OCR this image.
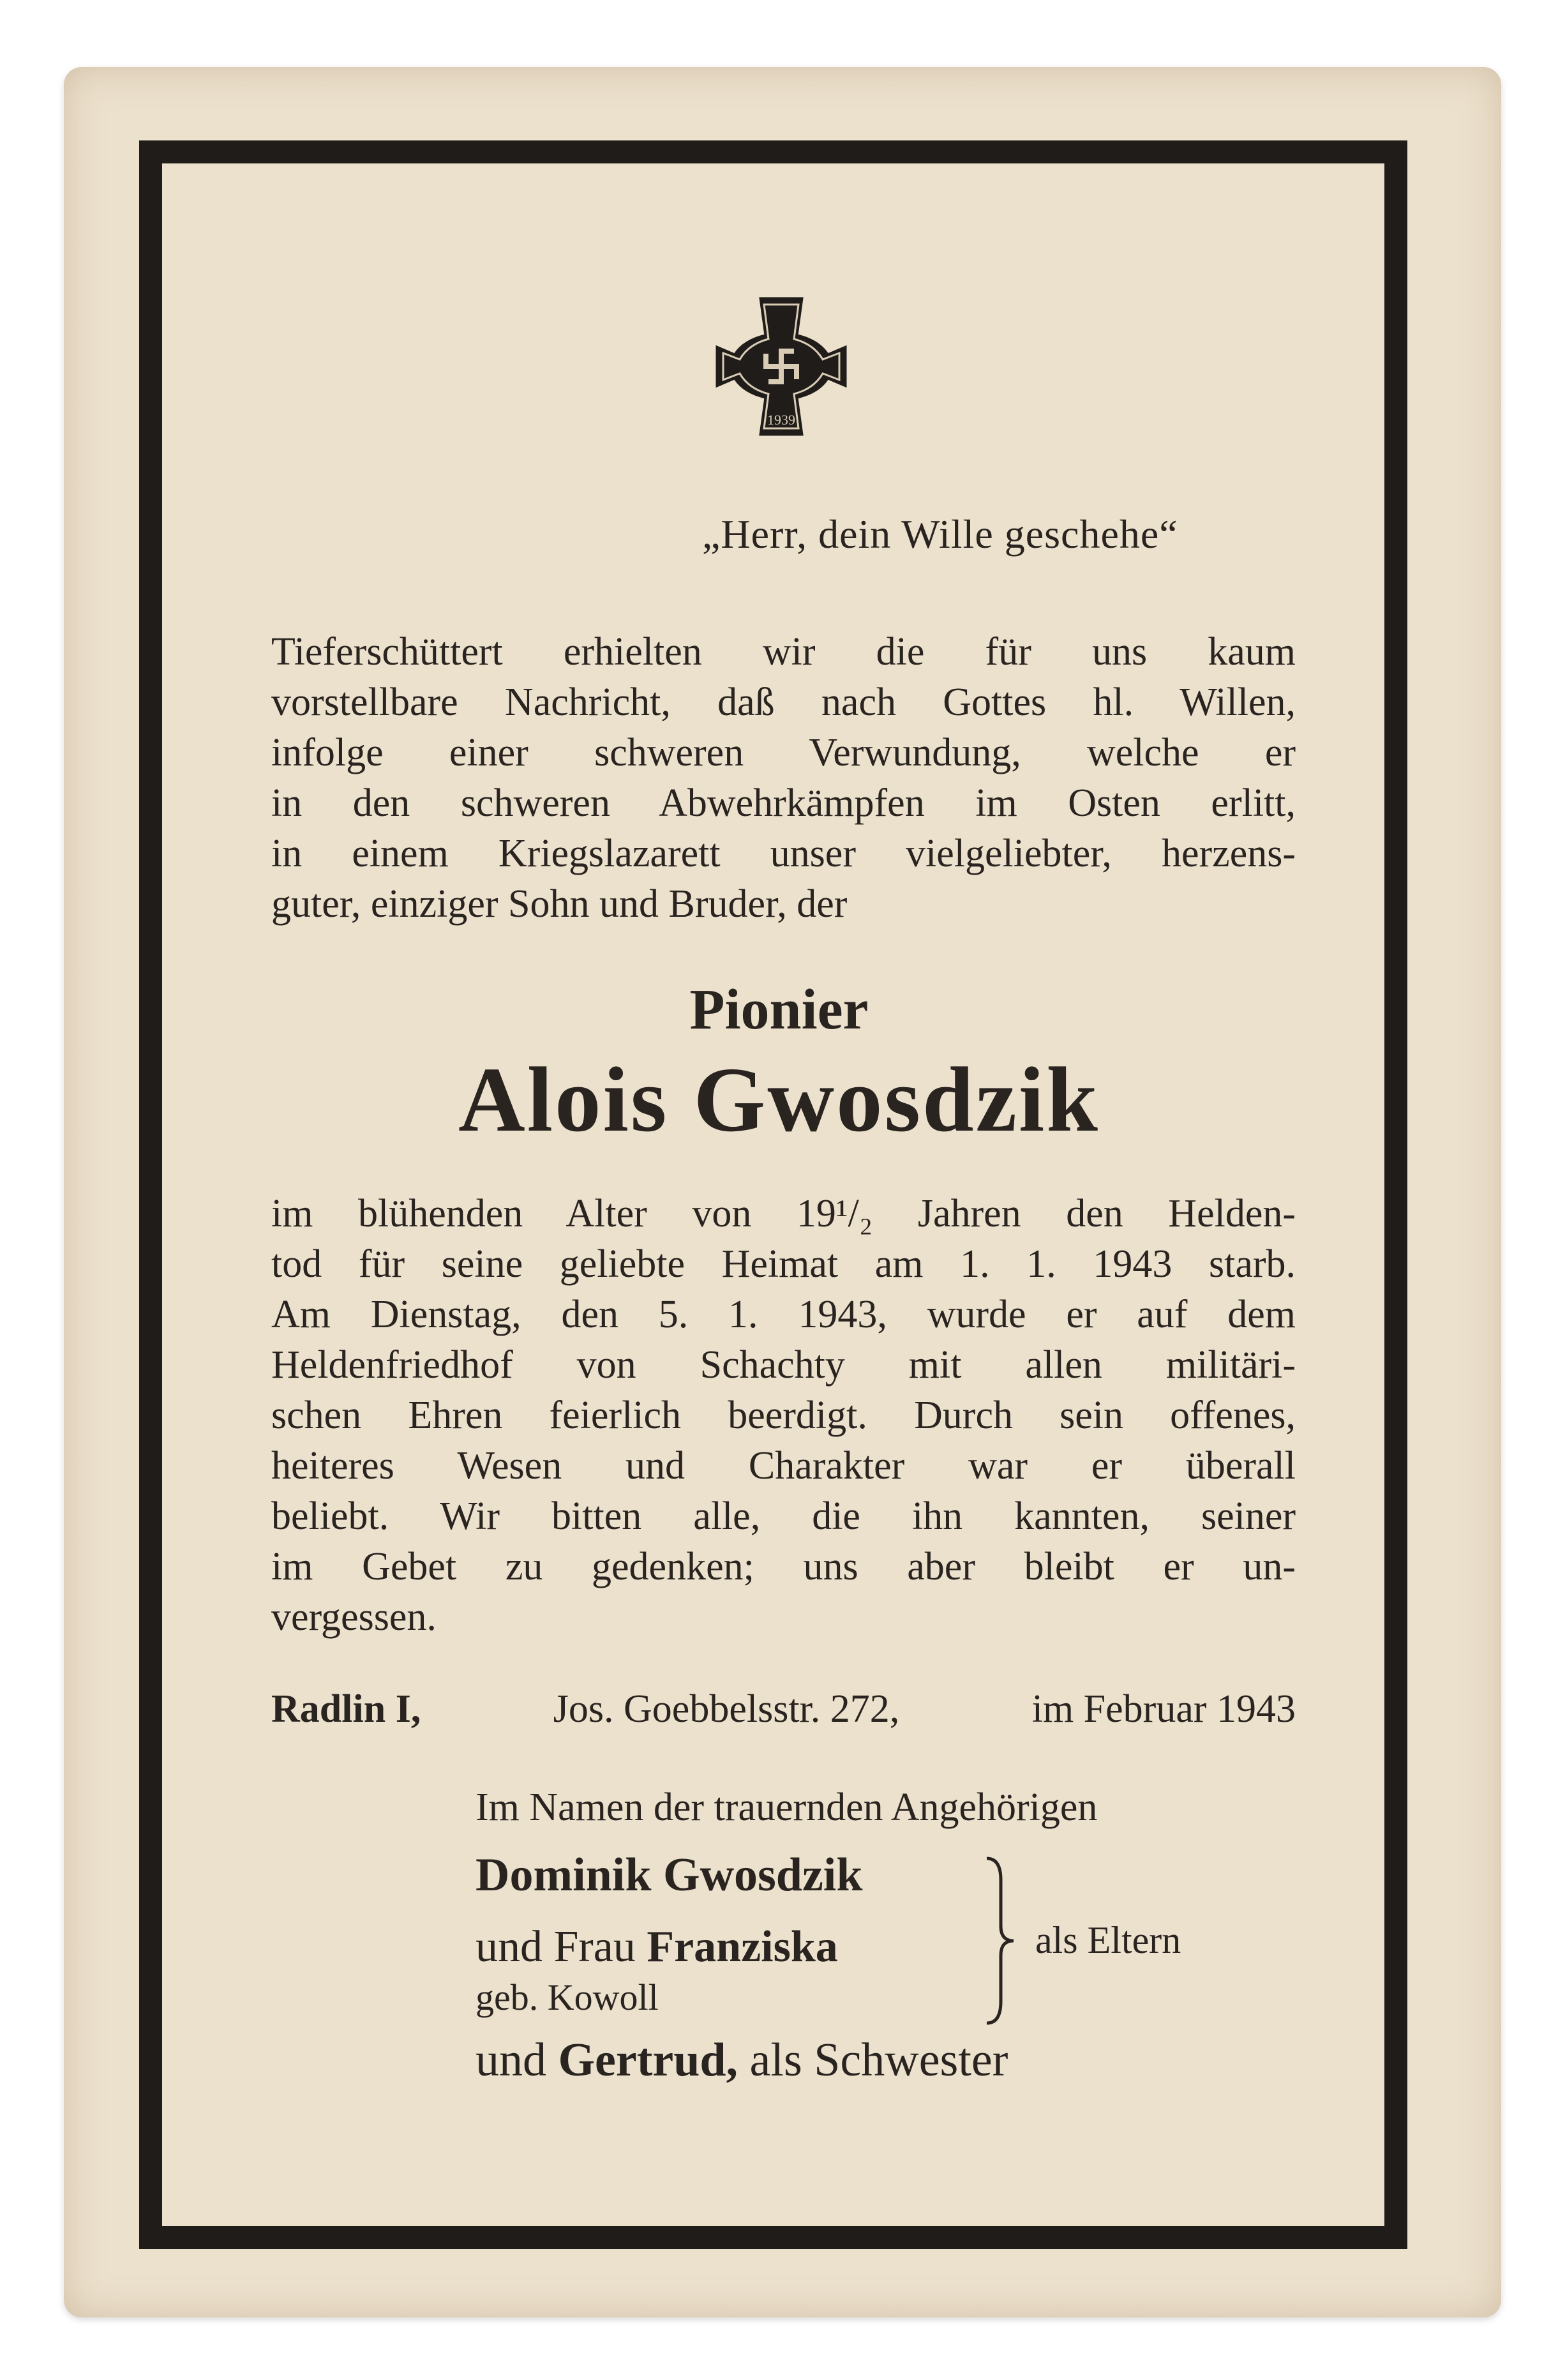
1939
„Herr, dein Wille geschehe“
Tieferschüttert erhielten wir die für uns kaum
vorstellbare Nachricht, daß nach Gottes hl. Willen,
infolge einer schweren Verwundung, welche er
in den schweren Abwehrkämpfen im Osten erlitt,
in einem Kriegslazarett unser vielgeliebter, herzens-
guter, einziger Sohn und Bruder, der
Pionier
Alois Gwosdzik
im blühenden Alter von 19¹/₂ Jahren den Helden-
tod für seine geliebte Heimat am 1. 1. 1943 starb.
Am Dienstag, den 5. 1. 1943, wurde er auf dem
Heldenfriedhof von Schachty mit allen militäri-
schen Ehren feierlich beerdigt. Durch sein offenes,
heiteres Wesen und Charakter war er überall
beliebt. Wir bitten alle, die ihn kannten, seiner
im Gebet zu gedenken; uns aber bleibt er un-
vergessen.
Radlin I,	Jos. Goebbelsstr. 272,	im Februar 1943
Im Namen der trauernden Angehörigen
Dominik Gwosdzik
und Frau Franziska
geb. Kowoll
als Eltern
und Gertrud, als Schwester
